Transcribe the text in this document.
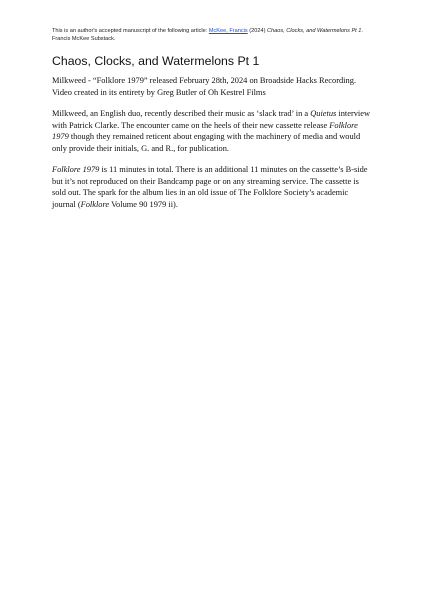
This is an author's accepted manuscript of the following article: McKee, Francis (2024) Chaos, Clocks, and Watermelons Pt 1. Francis McKee Substack.
Chaos, Clocks, and Watermelons Pt 1

Milkweed - “Folklore 1979” released February 28th, 2024 on Broadside Hacks Recording. Video created in its entirety by Greg Butler of Oh Kestrel Films

Milkweed, an English duo, recently described their music as ‘slack trad’ in a Quietus interview with Patrick Clarke. The encounter came on the heels of their new cassette release Folklore 1979 though they remained reticent about engaging with the machinery of media and would only provide their initials, G. and R., for publication.

Folklore 1979 is 11 minutes in total. There is an additional 11 minutes on the cassette’s B-side but it’s not reproduced on their Bandcamp page or on any streaming service. The cassette is sold out. The spark for the album lies in an old issue of The Folklore Society’s academic journal (Folklore Volume 90 1979 ii).
